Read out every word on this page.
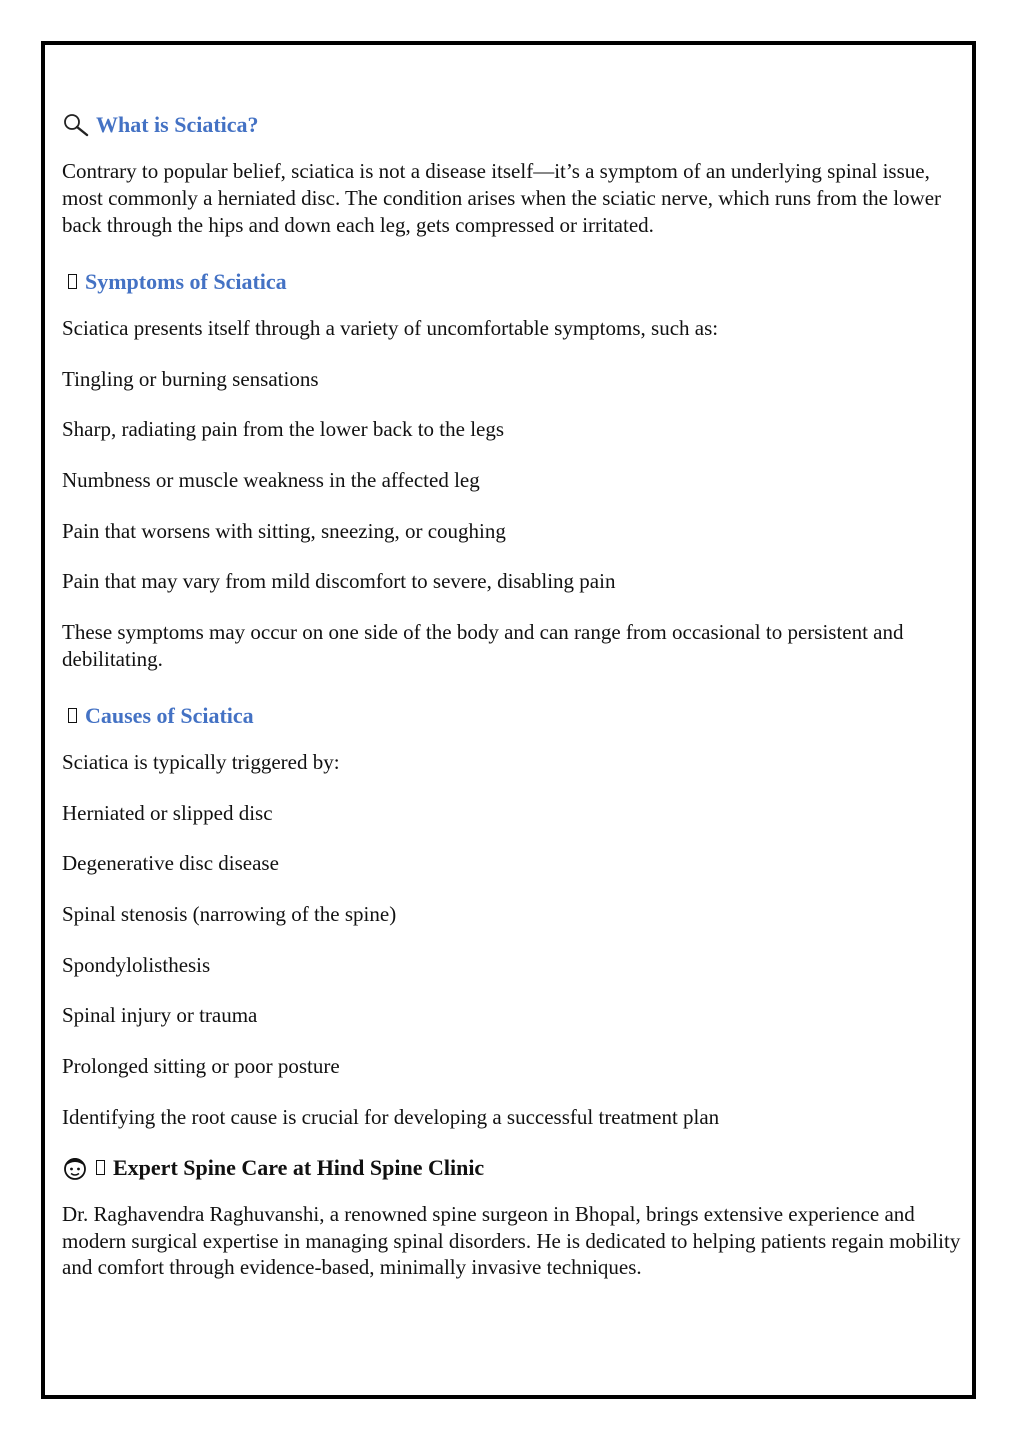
What is Sciatica?

Contrary to popular belief, sciatica is not a disease itself—it’s a symptom of an underlying spinal issue, most commonly a herniated disc. The condition arises when the sciatic nerve, which runs from the lower back through the hips and down each leg, gets compressed or irritated.

Symptoms of Sciatica

Sciatica presents itself through a variety of uncomfortable symptoms, such as:

Tingling or burning sensations

Sharp, radiating pain from the lower back to the legs

Numbness or muscle weakness in the affected leg

Pain that worsens with sitting, sneezing, or coughing

Pain that may vary from mild discomfort to severe, disabling pain

These symptoms may occur on one side of the body and can range from occasional to persistent and debilitating.

Causes of Sciatica

Sciatica is typically triggered by:

Herniated or slipped disc

Degenerative disc disease

Spinal stenosis (narrowing of the spine)

Spondylolisthesis

Spinal injury or trauma

Prolonged sitting or poor posture

Identifying the root cause is crucial for developing a successful treatment plan

Expert Spine Care at Hind Spine Clinic

Dr. Raghavendra Raghuvanshi, a renowned spine surgeon in Bhopal, brings extensive experience and modern surgical expertise in managing spinal disorders. He is dedicated to helping patients regain mobility and comfort through evidence-based, minimally invasive techniques.
